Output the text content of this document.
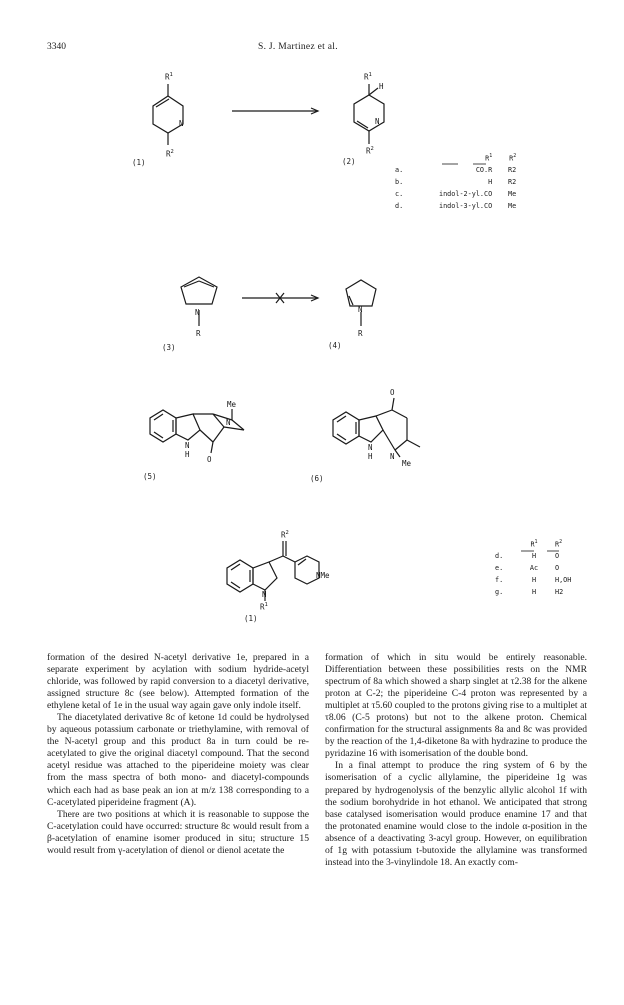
3340	S. J. Martinez et al.
$R^1$
N
$R^2$
(1)
$R^1$
H
N
$R^2$
(2)
		$R^1$	$R^2$
a.	CO.R	R2
b.	H	R2
c.	indol-2-yl.CO	Me
d.	indol-3-yl.CO	Me
N
R
(3)
N
R
(4)
Me
N
N
H
O
(5)
O
N
H N
Me
(6)
$R^2$
N
$R^1$
NMe
(1)
	$R^1$	$R^2$
d.	H	O
e.	Ac	O
f.	H	H,OH
g.	H	H2

formation of the desired N-acetyl derivative 1e, prepared in a separate experiment by acylation with sodium hydride-acetyl chloride, was followed by rapid conversion to a diacetyl derivative, assigned structure 8c (see below). Attempted formation of the ethylene ketal of 1e in the usual way again gave only indole itself.

The diacetylated derivative 8c of ketone 1d could be hydrolysed by aqueous potassium carbonate or triethylamine, with removal of the N-acetyl group and this product 8a in turn could be re-acetylated to give the original diacetyl compound. That the second acetyl residue was attached to the piperideine moiety was clear from the mass spectra of both mono- and diacetyl-compounds which each had as base peak an ion at m/z 138 corresponding to a C-acetylated piperideine fragment (A).

There are two positions at which it is reasonable to suppose the C-acetylation could have occurred: structure 8c would result from a β-acetylation of enamine isomer produced in situ; structure 15 would result from γ-acetylation of dienol or dienol acetate the

formation of which in situ would be entirely reasonable. Differentiation between these possibilities rests on the NMR spectrum of 8a which showed a sharp singlet at τ2.38 for the alkene proton at C-2; the piperideine C-4 proton was represented by a multiplet at τ5.60 coupled to the protons giving rise to a multiplet at τ8.06 (C-5 protons) but not to the alkene proton. Chemical confirmation for the structural assignments 8a and 8c was provided by the reaction of the 1,4-diketone 8a with hydrazine to produce the pyridazine 16 with isomerisation of the double bond.

In a final attempt to produce the ring system of 6 by the isomerisation of a cyclic allylamine, the piperideine 1g was prepared by hydrogenolysis of the benzylic allylic alcohol 1f with the sodium borohydride in hot ethanol. We anticipated that strong base catalysed isomerisation would produce enamine 17 and that the protonated enamine would close to the indole α-position in the absence of a deactivating 3-acyl group. However, on equilibration of 1g with potassium t-butoxide the allylamine was transformed instead into the 3-vinylindole 18. An exactly com-
